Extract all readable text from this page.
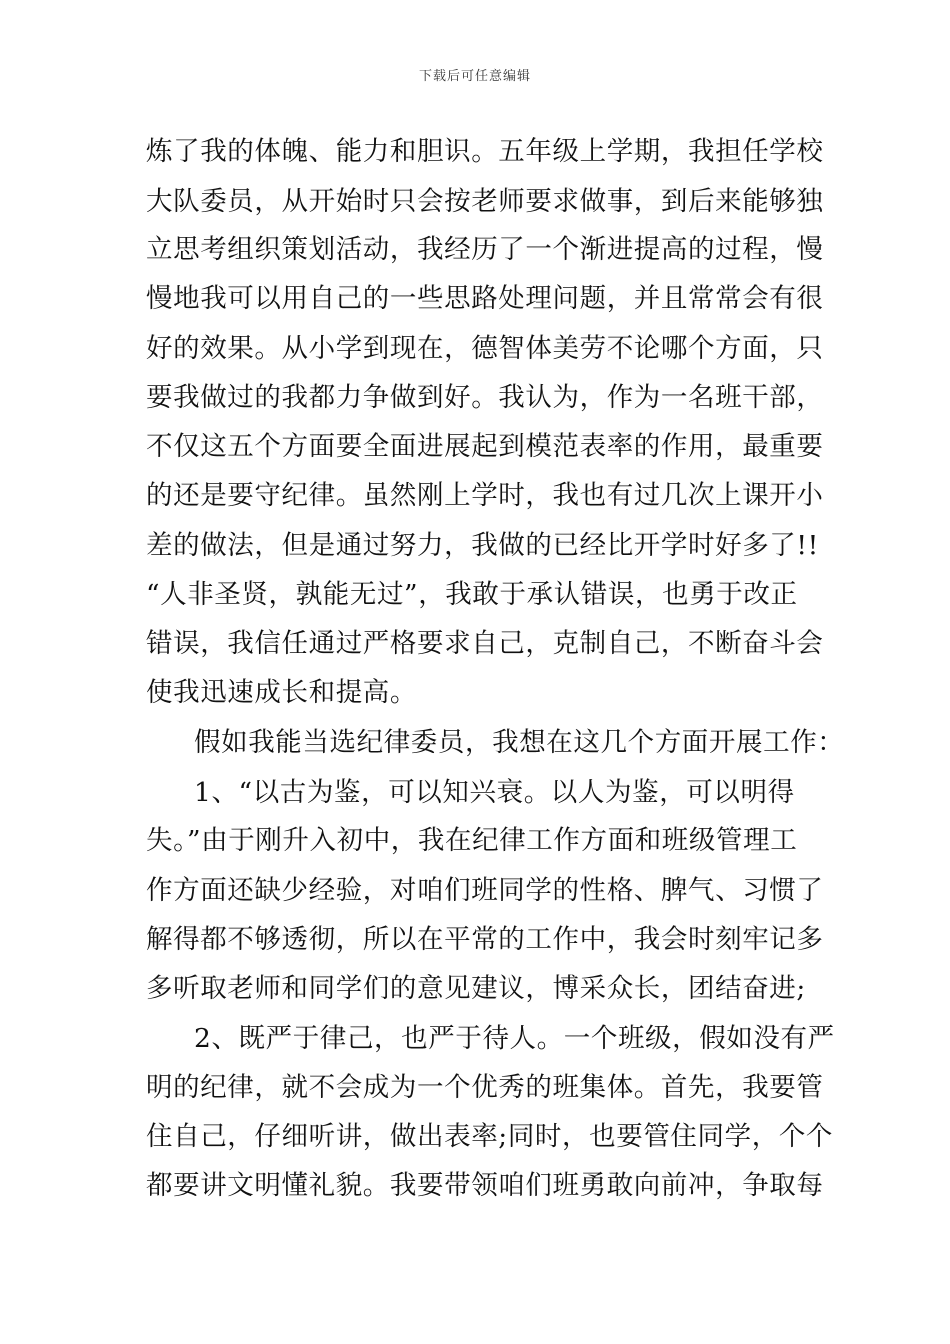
下载后可任意编辑
炼了我的体魄、能力和胆识。五年级上学期，我担任学校
大队委员，从开始时只会按老师要求做事，到后来能够独
立思考组织策划活动，我经历了一个渐进提高的过程，慢
慢地我可以用自己的一些思路处理问题，并且常常会有很
好的效果。从小学到现在，德智体美劳不论哪个方面，只
要我做过的我都力争做到好。我认为，作为一名班干部，
不仅这五个方面要全面进展起到模范表率的作用，最重要
的还是要守纪律。虽然刚上学时，我也有过几次上课开小
差的做法，但是通过努力，我做的已经比开学时好多了!!
“人非圣贤，孰能无过”，我敢于承认错误，也勇于改正
错误，我信任通过严格要求自己，克制自己，不断奋斗会
使我迅速成长和提高。
假如我能当选纪律委员，我想在这几个方面开展工作：
1、“以古为鉴，可以知兴衰。以人为鉴，可以明得
失。”由于刚升入初中，我在纪律工作方面和班级管理工
作方面还缺少经验，对咱们班同学的性格、脾气、习惯了
解得都不够透彻，所以在平常的工作中，我会时刻牢记多
多听取老师和同学们的意见建议，博采众长，团结奋进;
2、既严于律己，也严于待人。一个班级，假如没有严
明的纪律，就不会成为一个优秀的班集体。首先，我要管
住自己，仔细听讲，做出表率;同时，也要管住同学，个个
都要讲文明懂礼貌。我要带领咱们班勇敢向前冲，争取每
